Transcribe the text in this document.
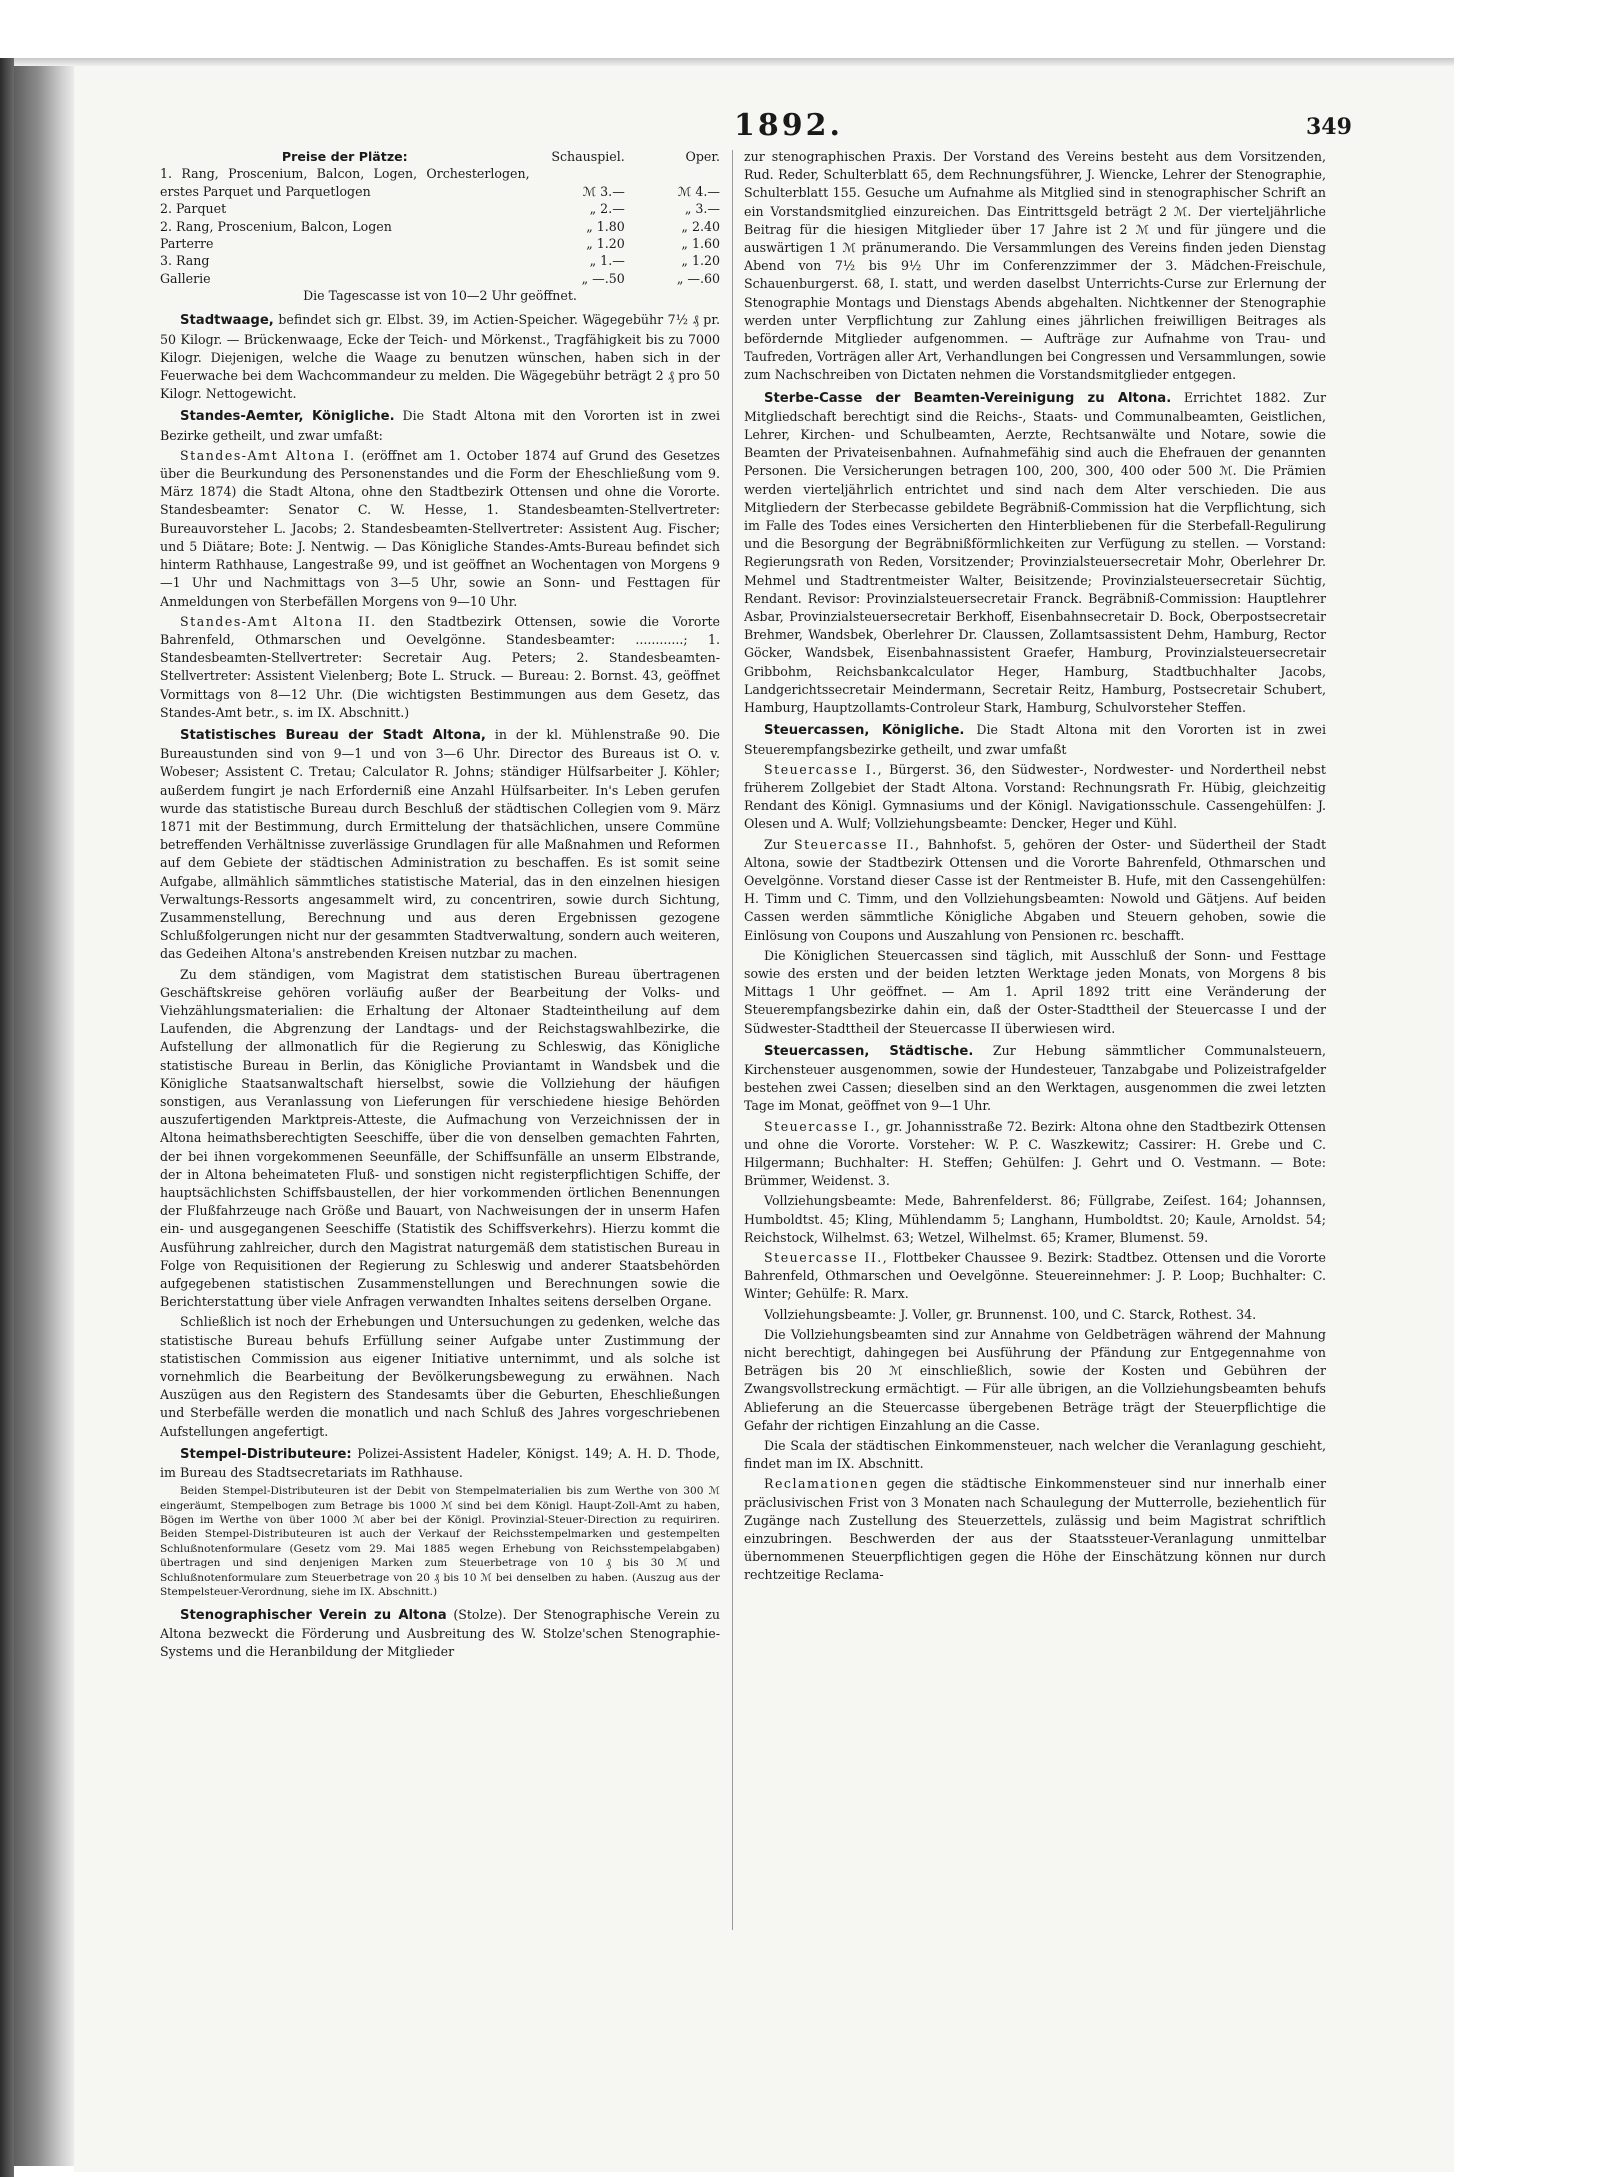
1892.	349
Preise der Plätze:	Schauspiel.	Oper.
1. Rang, Proscenium, Balcon, Logen, Orchesterlogen, erstes Parquet und Parquetlogen	ℳ 3.—	ℳ 4.—
2. Parquet	„ 2.—	„ 3.—
2. Rang, Proscenium, Balcon, Logen	„ 1.80	„ 2.40
Parterre	„ 1.20	„ 1.60
3. Rang	„ 1.—	„ 1.20
Gallerie	„ —.50	„ —.60

Die Tagescasse ist von 10—2 Uhr geöffnet.

Stadtwaage, befindet sich gr. Elbst. 39, im Actien-Speicher. Wägegebühr 7½ ₰ pr. 50 Kilogr. — Brückenwaage, Ecke der Teich- und Mörkenst., Tragfähigkeit bis zu 7000 Kilogr. Diejenigen, welche die Waage zu benutzen wünschen, haben sich in der Feuerwache bei dem Wachcommandeur zu melden. Die Wägegebühr beträgt 2 ₰ pro 50 Kilogr. Nettogewicht.

Standes-Aemter, Königliche. Die Stadt Altona mit den Vororten ist in zwei Bezirke getheilt, und zwar umfaßt:

Standes-Amt Altona I. (eröffnet am 1. October 1874 auf Grund des Gesetzes über die Beurkundung des Personenstandes und die Form der Eheschließung vom 9. März 1874) die Stadt Altona, ohne den Stadtbezirk Ottensen und ohne die Vororte. Standesbeamter: Senator C. W. Hesse, 1. Standesbeamten-Stellvertreter: Bureauvorsteher L. Jacobs; 2. Standesbeamten-Stellvertreter: Assistent Aug. Fischer; und 5 Diätare; Bote: J. Nentwig. — Das Königliche Standes-Amts-Bureau befindet sich hinterm Rathhause, Langestraße 99, und ist geöffnet an Wochentagen von Morgens 9—1 Uhr und Nachmittags von 3—5 Uhr, sowie an Sonn- und Festtagen für Anmeldungen von Sterbefällen Morgens von 9—10 Uhr.

Standes-Amt Altona II. den Stadtbezirk Ottensen, sowie die Vororte Bahrenfeld, Othmarschen und Oevelgönne. Standesbeamter: ............; 1. Standesbeamten-Stellvertreter: Secretair Aug. Peters; 2. Standesbeamten-Stellvertreter: Assistent Vielenberg; Bote L. Struck. — Bureau: 2. Bornst. 43, geöffnet Vormittags von 8—12 Uhr. (Die wichtigsten Bestimmungen aus dem Gesetz, das Standes-Amt betr., s. im IX. Abschnitt.)

Statistisches Bureau der Stadt Altona, in der kl. Mühlenstraße 90. Die Bureaustunden sind von 9—1 und von 3—6 Uhr. Director des Bureaus ist O. v. Wobeser; Assistent C. Tretau; Calculator R. Johns; ständiger Hülfsarbeiter J. Köhler; außerdem fungirt je nach Erforderniß eine Anzahl Hülfsarbeiter. In's Leben gerufen wurde das statistische Bureau durch Beschluß der städtischen Collegien vom 9. März 1871 mit der Bestimmung, durch Ermittelung der thatsächlichen, unsere Commüne betreffenden Verhältnisse zuverlässige Grundlagen für alle Maßnahmen und Reformen auf dem Gebiete der städtischen Administration zu beschaffen. Es ist somit seine Aufgabe, allmählich sämmtliches statistische Material, das in den einzelnen hiesigen Verwaltungs-Ressorts angesammelt wird, zu concentriren, sowie durch Sichtung, Zusammenstellung, Berechnung und aus deren Ergebnissen gezogene Schlußfolgerungen nicht nur der gesammten Stadtverwaltung, sondern auch weiteren, das Gedeihen Altona's anstrebenden Kreisen nutzbar zu machen.

Zu dem ständigen, vom Magistrat dem statistischen Bureau übertragenen Geschäftskreise gehören vorläufig außer der Bearbeitung der Volks- und Viehzählungsmaterialien: die Erhaltung der Altonaer Stadteintheilung auf dem Laufenden, die Abgrenzung der Landtags- und der Reichstagswahlbezirke, die Aufstellung der allmonatlich für die Regierung zu Schleswig, das Königliche statistische Bureau in Berlin, das Königliche Proviantamt in Wandsbek und die Königliche Staatsanwaltschaft hierselbst, sowie die Vollziehung der häufigen sonstigen, aus Veranlassung von Lieferungen für verschiedene hiesige Behörden auszufertigenden Marktpreis-Atteste, die Aufmachung von Verzeichnissen der in Altona heimathsberechtigten Seeschiffe, über die von denselben gemachten Fahrten, der bei ihnen vorgekommenen Seeunfälle, der Schiffsunfälle an unserm Elbstrande, der in Altona beheimateten Fluß- und sonstigen nicht registerpflichtigen Schiffe, der hauptsächlichsten Schiffsbaustellen, der hier vorkommenden örtlichen Benennungen der Flußfahrzeuge nach Größe und Bauart, von Nachweisungen der in unserm Hafen ein- und ausgegangenen Seeschiffe (Statistik des Schiffsverkehrs). Hierzu kommt die Ausführung zahlreicher, durch den Magistrat naturgemäß dem statistischen Bureau in Folge von Requisitionen der Regierung zu Schleswig und anderer Staatsbehörden aufgegebenen statistischen Zusammenstellungen und Berechnungen sowie die Berichterstattung über viele Anfragen verwandten Inhaltes seitens derselben Organe.

Schließlich ist noch der Erhebungen und Untersuchungen zu gedenken, welche das statistische Bureau behufs Erfüllung seiner Aufgabe unter Zustimmung der statistischen Commission aus eigener Initiative unternimmt, und als solche ist vornehmlich die Bearbeitung der Bevölkerungsbewegung zu erwähnen. Nach Auszügen aus den Registern des Standesamts über die Geburten, Eheschließungen und Sterbefälle werden die monatlich und nach Schluß des Jahres vorgeschriebenen Aufstellungen angefertigt.

Stempel-Distributeure: Polizei-Assistent Hadeler, Königst. 149; A. H. D. Thode, im Bureau des Stadtsecretariats im Rathhause.

Beiden Stempel-Distributeuren ist der Debit von Stempelmaterialien bis zum Werthe von 300 ℳ eingeräumt, Stempelbogen zum Betrage bis 1000 ℳ sind bei dem Königl. Haupt-Zoll-Amt zu haben, Bögen im Werthe von über 1000 ℳ aber bei der Königl. Provinzial-Steuer-Direction zu requiriren. Beiden Stempel-Distributeuren ist auch der Verkauf der Reichsstempelmarken und gestempelten Schlußnotenformulare (Gesetz vom 29. Mai 1885 wegen Erhebung von Reichsstempelabgaben) übertragen und sind denjenigen Marken zum Steuerbetrage von 10 ₰ bis 30 ℳ und Schlußnotenformulare zum Steuerbetrage von 20 ₰ bis 10 ℳ bei denselben zu haben. (Auszug aus der Stempelsteuer-Verordnung, siehe im IX. Abschnitt.)

Stenographischer Verein zu Altona (Stolze). Der Stenographische Verein zu Altona bezweckt die Förderung und Ausbreitung des W. Stolze'schen Stenographie-Systems und die Heranbildung der Mitglieder

zur stenographischen Praxis. Der Vorstand des Vereins besteht aus dem Vorsitzenden, Rud. Reder, Schulterblatt 65, dem Rechnungsführer, J. Wiencke, Lehrer der Stenographie, Schulterblatt 155. Gesuche um Aufnahme als Mitglied sind in stenographischer Schrift an ein Vorstandsmitglied einzureichen. Das Eintrittsgeld beträgt 2 ℳ. Der vierteljährliche Beitrag für die hiesigen Mitglieder über 17 Jahre ist 2 ℳ und für jüngere und die auswärtigen 1 ℳ pränumerando. Die Versammlungen des Vereins finden jeden Dienstag Abend von 7½ bis 9½ Uhr im Conferenzzimmer der 3. Mädchen-Freischule, Schauenburgerst. 68, I. statt, und werden daselbst Unterrichts-Curse zur Erlernung der Stenographie Montags und Dienstags Abends abgehalten. Nichtkenner der Stenographie werden unter Verpflichtung zur Zahlung eines jährlichen freiwilligen Beitrages als befördernde Mitglieder aufgenommen. — Aufträge zur Aufnahme von Trau- und Taufreden, Vorträgen aller Art, Verhandlungen bei Congressen und Versammlungen, sowie zum Nachschreiben von Dictaten nehmen die Vorstandsmitglieder entgegen.

Sterbe-Casse der Beamten-Vereinigung zu Altona. Errichtet 1882. Zur Mitgliedschaft berechtigt sind die Reichs-, Staats- und Communalbeamten, Geistlichen, Lehrer, Kirchen- und Schulbeamten, Aerzte, Rechtsanwälte und Notare, sowie die Beamten der Privateisenbahnen. Aufnahmefähig sind auch die Ehefrauen der genannten Personen. Die Versicherungen betragen 100, 200, 300, 400 oder 500 ℳ. Die Prämien werden vierteljährlich entrichtet und sind nach dem Alter verschieden. Die aus Mitgliedern der Sterbecasse gebildete Begräbniß-Commission hat die Verpflichtung, sich im Falle des Todes eines Versicherten den Hinterbliebenen für die Sterbefall-Regulirung und die Besorgung der Begräbnißförmlichkeiten zur Verfügung zu stellen. — Vorstand: Regierungsrath von Reden, Vorsitzender; Provinzialsteuersecretair Mohr, Oberlehrer Dr. Mehmel und Stadtrentmeister Walter, Beisitzende; Provinzialsteuersecretair Süchtig, Rendant. Revisor: Provinzialsteuersecretair Franck. Begräbniß-Commission: Hauptlehrer Asbar, Provinzialsteuersecretair Berkhoff, Eisenbahnsecretair D. Bock, Oberpostsecretair Brehmer, Wandsbek, Oberlehrer Dr. Claussen, Zollamtsassistent Dehm, Hamburg, Rector Göcker, Wandsbek, Eisenbahnassistent Graefer, Hamburg, Provinzialsteuersecretair Gribbohm, Reichsbankcalculator Heger, Hamburg, Stadtbuchhalter Jacobs, Landgerichtssecretair Meindermann, Secretair Reitz, Hamburg, Postsecretair Schubert, Hamburg, Hauptzollamts-Controleur Stark, Hamburg, Schulvorsteher Steffen.

Steuercassen, Königliche. Die Stadt Altona mit den Vororten ist in zwei Steuerempfangsbezirke getheilt, und zwar umfaßt

Steuercasse I., Bürgerst. 36, den Südwester-, Nordwester- und Nordertheil nebst früherem Zollgebiet der Stadt Altona. Vorstand: Rechnungsrath Fr. Hübig, gleichzeitig Rendant des Königl. Gymnasiums und der Königl. Navigationsschule. Cassengehülfen: J. Olesen und A. Wulf; Vollziehungsbeamte: Dencker, Heger und Kühl.

Zur Steuercasse II., Bahnhofst. 5, gehören der Oster- und Südertheil der Stadt Altona, sowie der Stadtbezirk Ottensen und die Vororte Bahrenfeld, Othmarschen und Oevelgönne. Vorstand dieser Casse ist der Rentmeister B. Hufe, mit den Cassengehülfen: H. Timm und C. Timm, und den Vollziehungsbeamten: Nowold und Gätjens. Auf beiden Cassen werden sämmtliche Königliche Abgaben und Steuern gehoben, sowie die Einlösung von Coupons und Auszahlung von Pensionen rc. beschafft.

Die Königlichen Steuercassen sind täglich, mit Ausschluß der Sonn- und Festtage sowie des ersten und der beiden letzten Werktage jeden Monats, von Morgens 8 bis Mittags 1 Uhr geöffnet. — Am 1. April 1892 tritt eine Veränderung der Steuerempfangsbezirke dahin ein, daß der Oster-Stadttheil der Steuercasse I und der Südwester-Stadttheil der Steuercasse II überwiesen wird.

Steuercassen, Städtische. Zur Hebung sämmtlicher Communalsteuern, Kirchensteuer ausgenommen, sowie der Hundesteuer, Tanzabgabe und Polizeistrafgelder bestehen zwei Cassen; dieselben sind an den Werktagen, ausgenommen die zwei letzten Tage im Monat, geöffnet von 9—1 Uhr.

Steuercasse I., gr. Johannisstraße 72. Bezirk: Altona ohne den Stadtbezirk Ottensen und ohne die Vororte. Vorsteher: W. P. C. Waszkewitz; Cassirer: H. Grebe und C. Hilgermann; Buchhalter: H. Steffen; Gehülfen: J. Gehrt und O. Vestmann. — Bote: Brümmer, Weidenst. 3.

Vollziehungsbeamte: Mede, Bahrenfelderst. 86; Füllgrabe, Zeiſest. 164; Johannsen, Humboldtst. 45; Kling, Mühlendamm 5; Langhann, Humboldtst. 20; Kaule, Arnoldst. 54; Reichstock, Wilhelmst. 63; Wetzel, Wilhelmst. 65; Kramer, Blumenst. 59.

Steuercasse II., Flottbeker Chaussee 9. Bezirk: Stadtbez. Ottensen und die Vororte Bahrenfeld, Othmarschen und Oevelgönne. Steuereinnehmer: J. P. Loop; Buchhalter: C. Winter; Gehülfe: R. Marx.

Vollziehungsbeamte: J. Voller, gr. Brunnenst. 100, und C. Starck, Rothest. 34.

Die Vollziehungsbeamten sind zur Annahme von Geldbeträgen während der Mahnung nicht berechtigt, dahingegen bei Ausführung der Pfändung zur Entgegennahme von Beträgen bis 20 ℳ einschließlich, sowie der Kosten und Gebühren der Zwangsvollstreckung ermächtigt. — Für alle übrigen, an die Vollziehungsbeamten behufs Ablieferung an die Steuercasse übergebenen Beträge trägt der Steuerpflichtige die Gefahr der richtigen Einzahlung an die Casse.

Die Scala der städtischen Einkommensteuer, nach welcher die Veranlagung geschieht, findet man im IX. Abschnitt.

Reclamationen gegen die städtische Einkommensteuer sind nur innerhalb einer präclusivischen Frist von 3 Monaten nach Schaulegung der Mutterrolle, beziehentlich für Zugänge nach Zustellung des Steuerzettels, zulässig und beim Magistrat schriftlich einzubringen. Beschwerden der aus der Staatssteuer-Veranlagung unmittelbar übernommenen Steuerpflichtigen gegen die Höhe der Einschätzung können nur durch rechtzeitige Reclama-
